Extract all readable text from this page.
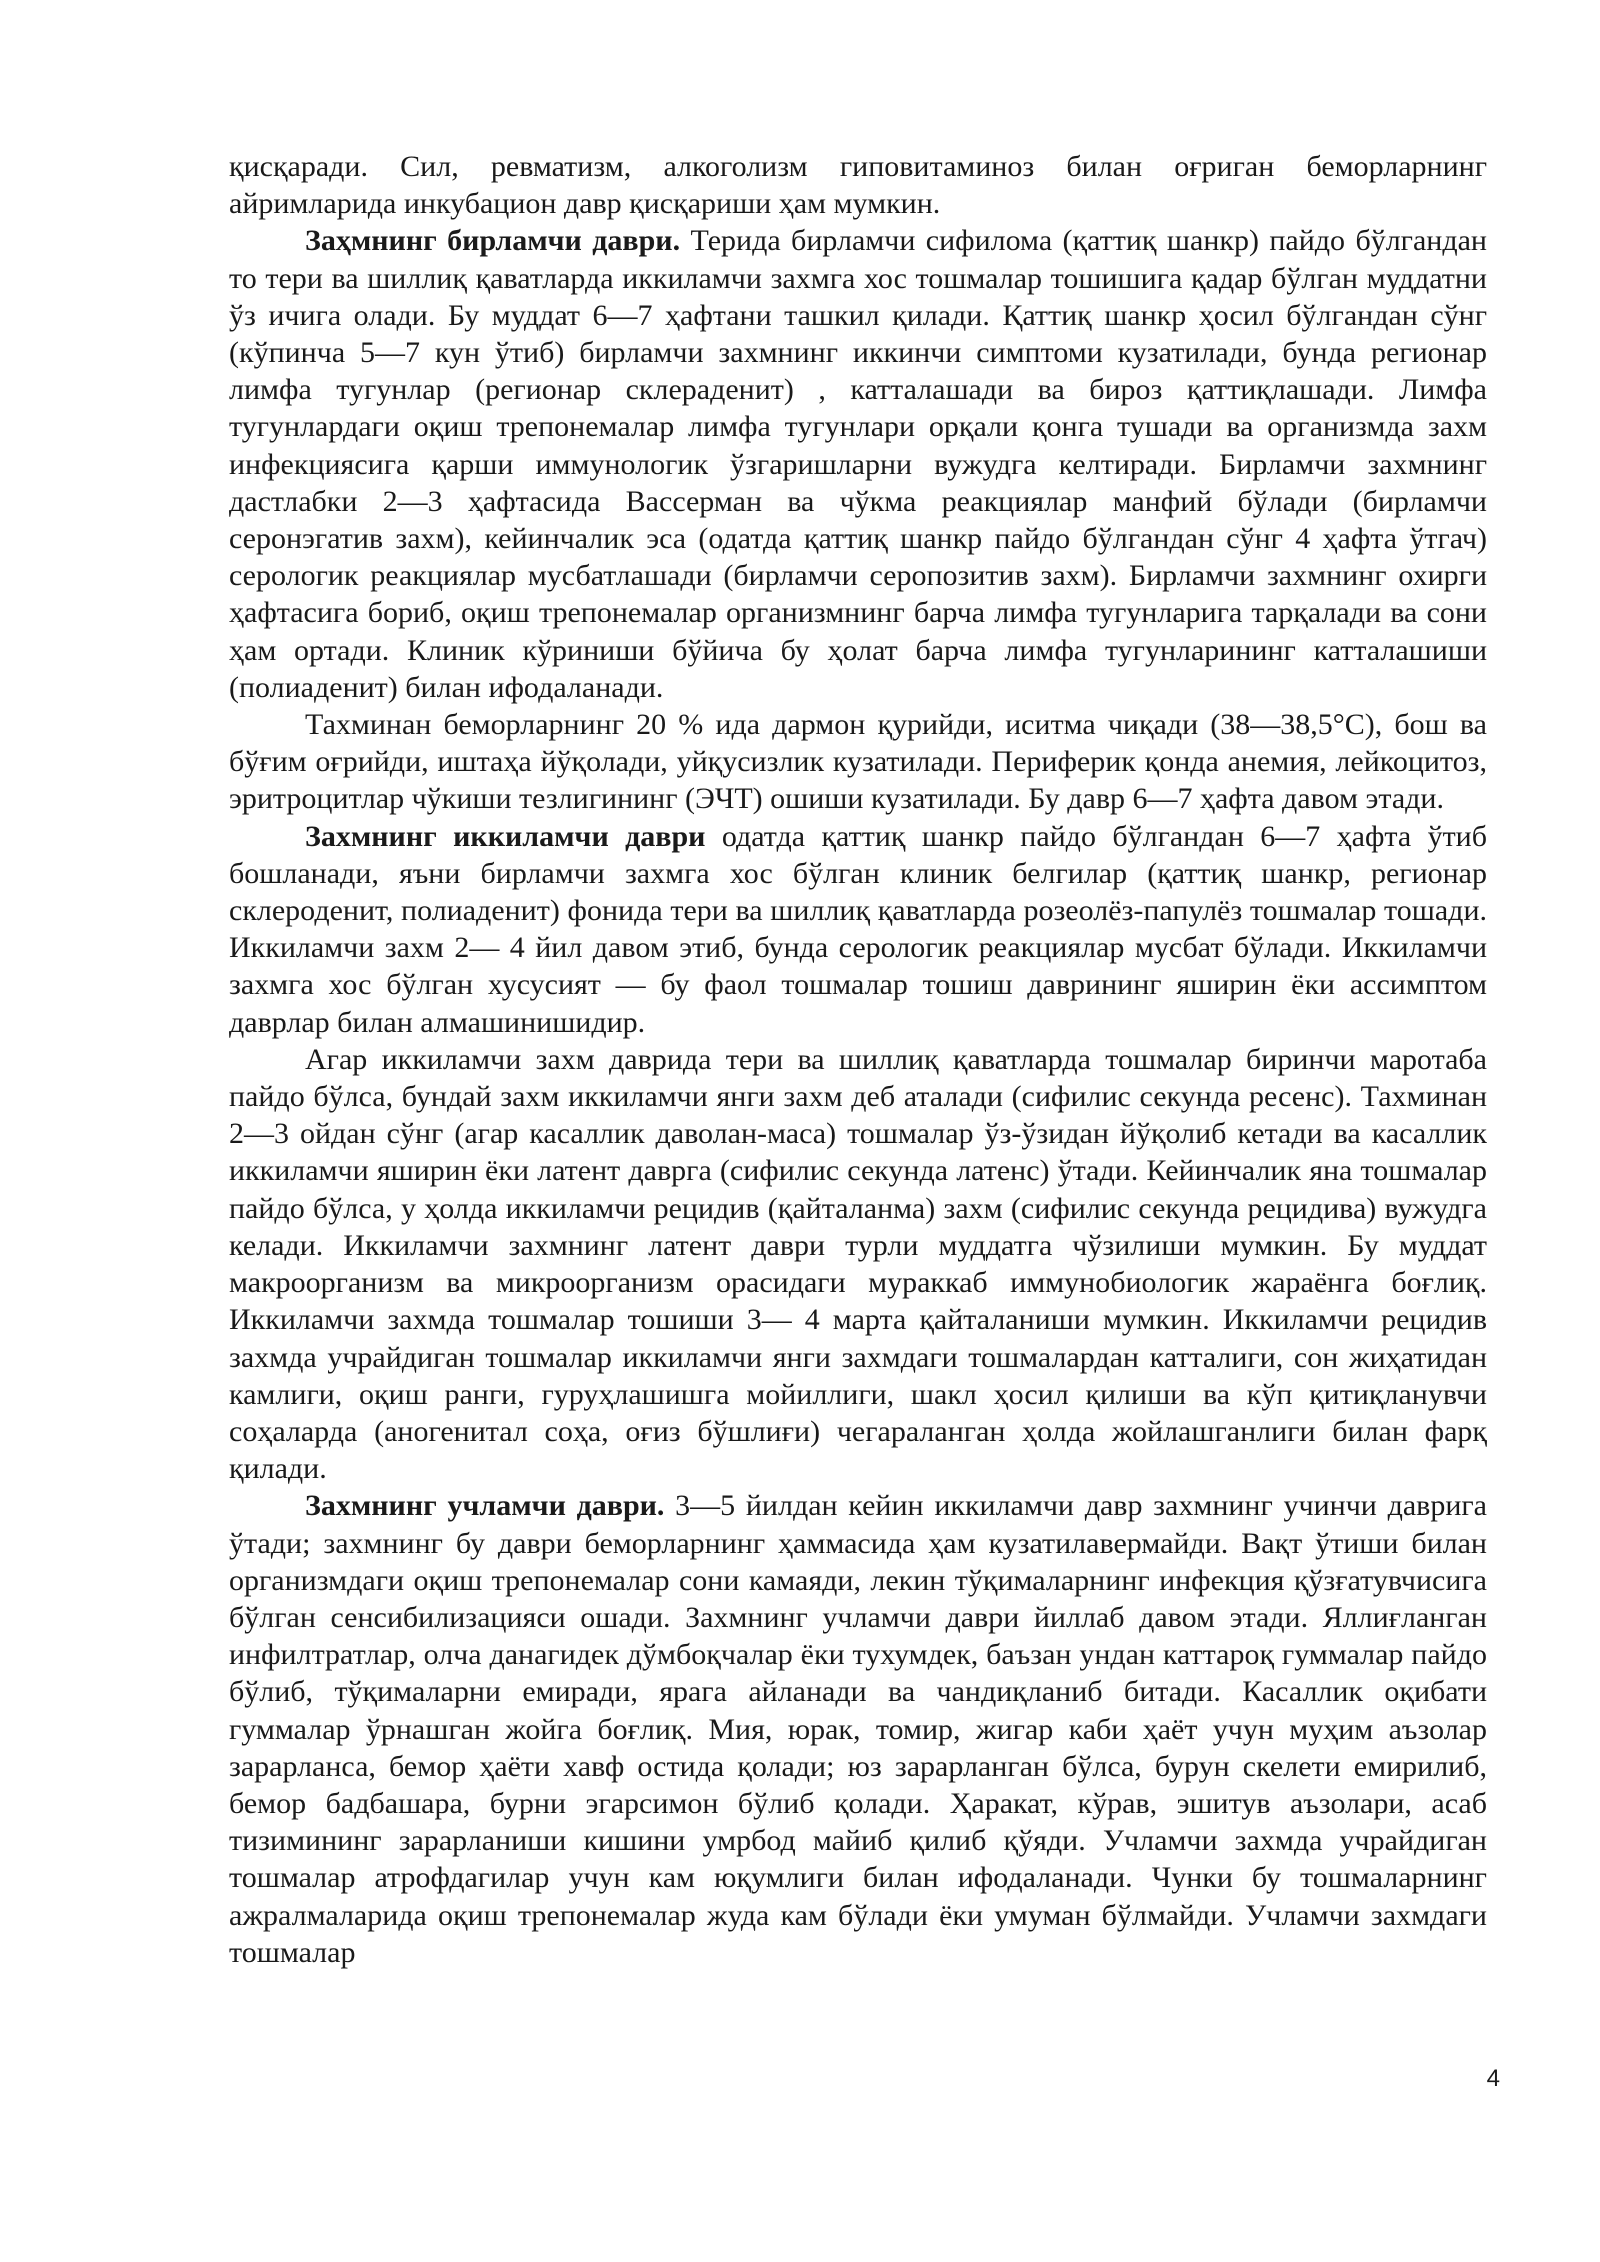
қисқаради. Сил, ревматизм, алкоголизм гиповитаминоз билан оғриган беморларнинг айримларида инкубацион давр қисқариши ҳам мумкин.

Заҳмнинг бирламчи даври. Терида бирламчи сифилома (қаттиқ шанкр) пайдо бўлгандан то тери ва шиллиқ қаватларда иккиламчи захмга хос тошмалар тошишига қадар бўлган муддатни ўз ичига олади. Бу муддат 6—7 ҳафтани ташкил қилади. Қаттиқ шанкр ҳосил бўлгандан сўнг (кўпинча 5—7 кун ўтиб) бирламчи захмнинг иккинчи симптоми кузатилади, бунда регионар лимфа тугунлар (регионар склераденит) , катталашади ва бироз қаттиқлашади. Лимфа тугунлардаги оқиш трепонемалар лимфа тугунлари орқали қонга тушади ва организмда захм инфекциясига қарши иммунологик ўзгаришларни вужудга келтиради. Бирламчи захмнинг дастлабки 2—3 ҳафтасида Вассерман ва чўкма реакциялар манфий бўлади (бирламчи серонэгатив захм), кейинчалик эса (одатда қаттиқ шанкр пайдо бўлгандан сўнг 4 ҳафта ўтгач) серологик реакциялар мусбатлашади (бирламчи серопозитив захм). Бирламчи захмнинг охирги ҳафтасига бориб, оқиш трепонемалар организмнинг барча лимфа тугунларига тарқалади ва сони ҳам ортади. Клиник кўриниши бўйича бу ҳолат барча лимфа тугунларининг катталашиши (полиаденит) билан ифодаланади.

Тахминан беморларнинг 20 % ида дармон қурийди, иситма чиқади (38—38,5°С), бош ва бўғим оғрийди, иштаҳа йўқолади, уйқусизлик кузатилади. Периферик қонда анемия, лейкоцитоз, эритроцитлар чўкиши тезлигининг (ЭЧТ) ошиши кузатилади. Бу давр 6—7 ҳафта давом этади.

Захмнинг иккиламчи даври одатда қаттиқ шанкр пайдо бўлгандан 6—7 ҳафта ўтиб бошланади, яъни бирламчи захмга хос бўлган клиник белгилар (қаттиқ шанкр, регионар склероденит, полиаденит) фонида тери ва шиллиқ қаватларда розеолёз-папулёз тошмалар тошади. Иккиламчи захм 2— 4 йил давом этиб, бунда серологик реакциялар мусбат бўлади. Иккиламчи захмга хос бўлган хусусият — бу фаол тошмалар тошиш даврининг яширин ёки ассимптом даврлар билан алмашинишидир.

Агар иккиламчи захм даврида тери ва шиллиқ қаватларда тошмалар биринчи маротаба пайдо бўлса, бундай захм иккиламчи янги захм деб аталади (сифилис секунда ресенс). Тахминан 2—3 ойдан сўнг (агар касаллик даволан-маса) тошмалар ўз-ўзидан йўқолиб кетади ва касаллик иккиламчи яширин ёки латент даврга (сифилис секунда латенс) ўтади. Кейинчалик яна тошмалар пайдо бўлса, у ҳолда иккиламчи рецидив (қайталанма) захм (сифилис секунда рецидива) вужудга келади. Иккиламчи захмнинг латент даври турли муддатга чўзилиши мумкин. Бу муддат макроорганизм ва микроорганизм орасидаги мураккаб иммунобиологик жараёнга боғлиқ. Иккиламчи захмда тошмалар тошиши 3— 4 марта қайталаниши мумкин. Иккиламчи рецидив захмда учрайдиган тошмалар иккиламчи янги захмдаги тошмалардан катталиги, сон жиҳатидан камлиги, оқиш ранги, гуруҳлашишга мойиллиги, шакл ҳосил қилиши ва кўп қитиқланувчи соҳаларда (аногенитал соҳа, оғиз бўшлиғи) чегараланган ҳолда жойлашганлиги билан фарқ қилади.

Захмнинг учламчи даври. 3—5 йилдан кейин иккиламчи давр захмнинг учинчи даврига ўтади; захмнинг бу даври беморларнинг ҳаммасида ҳам кузатилавермайди. Вақт ўтиши билан организмдаги оқиш трепонемалар сони камаяди, лекин тўқималарнинг инфекция қўзғатувчисига бўлган сенсибилизацияси ошади. Захмнинг учламчи даври йиллаб давом этади. Яллиғланган инфилтратлар, олча данагидек дўмбоқчалар ёки тухумдек, баъзан ундан каттароқ гуммалар пайдо бўлиб, тўқималарни емиради, ярага айланади ва чандиқланиб битади. Касаллик оқибати гуммалар ўрнашган жойга боғлиқ. Мия, юрак, томир, жигар каби ҳаёт учун муҳим аъзолар зарарланса, бемор ҳаёти хавф остида қолади; юз зарарланган бўлса, бурун скелети емирилиб, бемор бадбашара, бурни эгарсимон бўлиб қолади. Ҳаракат, кўрав, эшитув аъзолари, асаб тизимининг зарарланиши кишини умрбод майиб қилиб қўяди. Учламчи захмда учрайдиган тошмалар атрофдагилар учун кам юқумлиги билан ифодаланади. Чунки бу тошмаларнинг ажралмаларида оқиш трепонемалар жуда кам бўлади ёки умуман бўлмайди. Учламчи захмдаги тошмалар

4
